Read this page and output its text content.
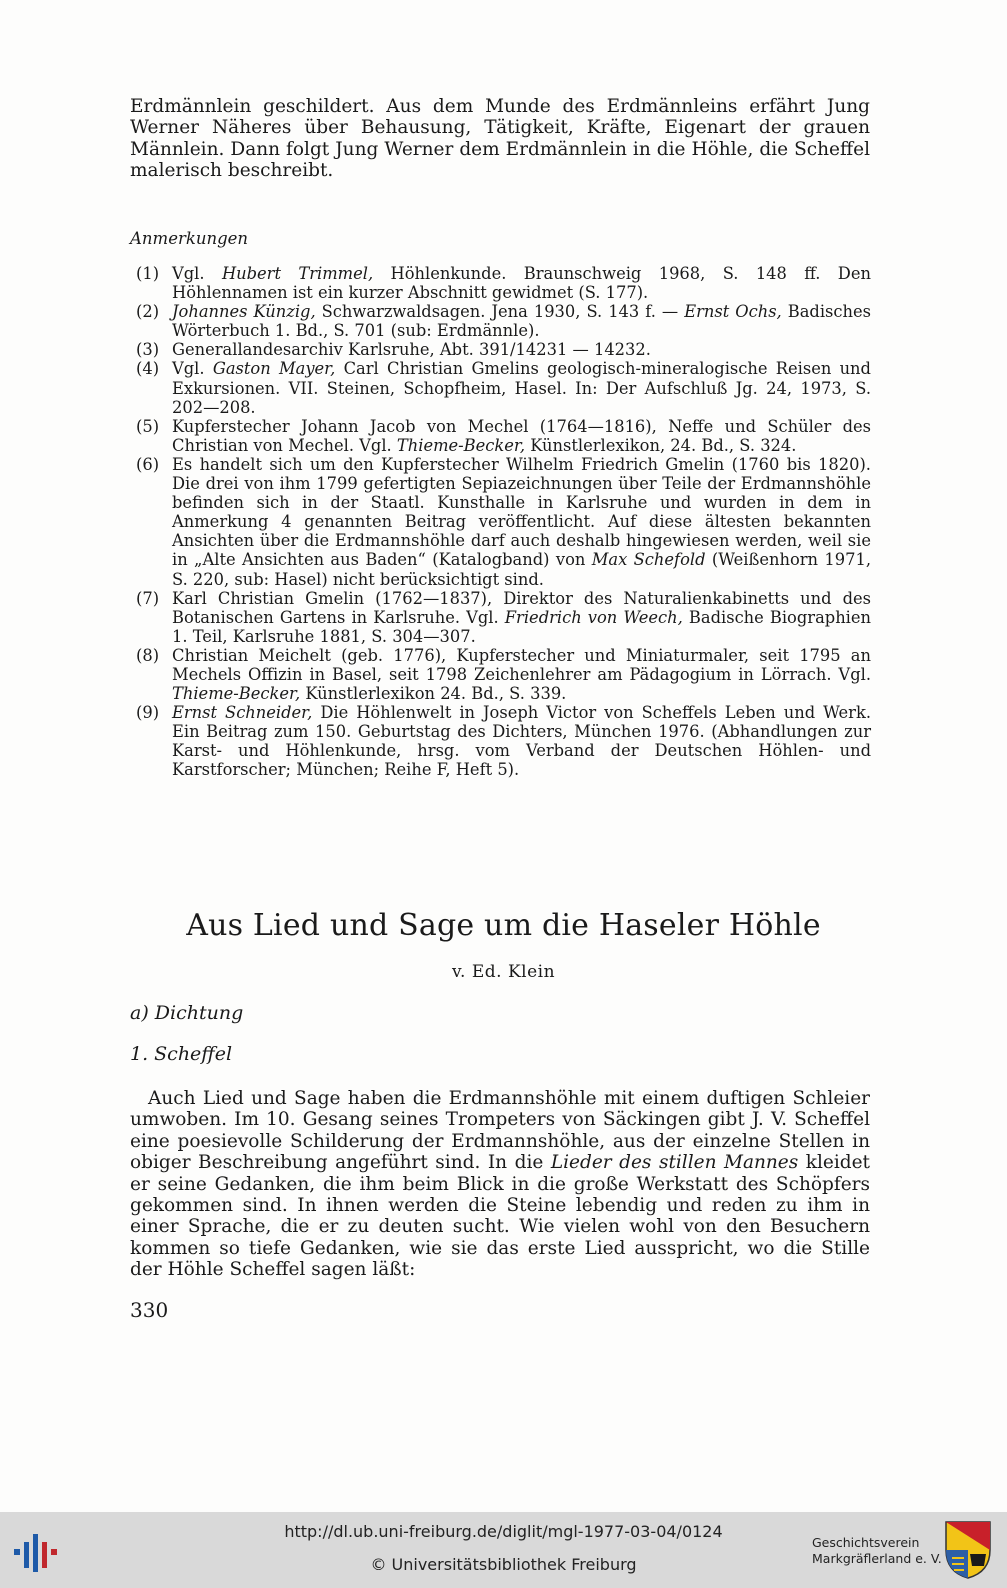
Erdmännlein geschildert. Aus dem Munde des Erdmännleins erfährt Jung Werner Näheres über Behausung, Tätigkeit, Kräfte, Eigenart der grauen Männlein. Dann folgt Jung Werner dem Erdmännlein in die Höhle, die Scheffel malerisch beschreibt.

Anmerkungen
(1) Vgl. Hubert Trimmel, Höhlenkunde. Braunschweig 1968, S. 148 ff. Den Höhlennamen ist ein kurzer Abschnitt gewidmet (S. 177).
(2) Johannes Künzig, Schwarzwaldsagen. Jena 1930, S. 143 f. — Ernst Ochs, Badisches Wörterbuch 1. Bd., S. 701 (sub: Erdmännle).
(3) Generallandesarchiv Karlsruhe, Abt. 391/14231 — 14232.
(4) Vgl. Gaston Mayer, Carl Christian Gmelins geologisch-mineralogische Reisen und Exkursionen. VII. Steinen, Schopfheim, Hasel. In: Der Aufschluß Jg. 24, 1973, S. 202—208.
(5) Kupferstecher Johann Jacob von Mechel (1764—1816), Neffe und Schüler des Christian von Mechel. Vgl. Thieme-Becker, Künstlerlexikon, 24. Bd., S. 324.
(6) Es handelt sich um den Kupferstecher Wilhelm Friedrich Gmelin (1760 bis 1820). Die drei von ihm 1799 gefertigten Sepiazeichnungen über Teile der Erdmannshöhle befinden sich in der Staatl. Kunsthalle in Karlsruhe und wurden in dem in Anmerkung 4 genannten Beitrag veröffentlicht. Auf diese ältesten bekannten Ansichten über die Erdmannshöhle darf auch deshalb hingewiesen werden, weil sie in „Alte Ansichten aus Baden“ (Katalogband) von Max Schefold (Weißenhorn 1971, S. 220, sub: Hasel) nicht berücksichtigt sind.
(7) Karl Christian Gmelin (1762—1837), Direktor des Naturalienkabinetts und des Botanischen Gartens in Karlsruhe. Vgl. Friedrich von Weech, Badische Biographien 1. Teil, Karlsruhe 1881, S. 304—307.
(8) Christian Meichelt (geb. 1776), Kupferstecher und Miniaturmaler, seit 1795 an Mechels Offizin in Basel, seit 1798 Zeichenlehrer am Pädagogium in Lörrach. Vgl. Thieme-Becker, Künstlerlexikon 24. Bd., S. 339.
(9) Ernst Schneider, Die Höhlenwelt in Joseph Victor von Scheffels Leben und Werk. Ein Beitrag zum 150. Geburtstag des Dichters, München 1976. (Abhandlungen zur Karst- und Höhlenkunde, hrsg. vom Verband der Deutschen Höhlen- und Karstforscher; München; Reihe F, Heft 5).
Aus Lied und Sage um die Haseler Höhle
v. Ed. Klein
a) Dichtung
1. Scheffel

Auch Lied und Sage haben die Erdmannshöhle mit einem duftigen Schleier umwoben. Im 10. Gesang seines Trompeters von Säckingen gibt J. V. Scheffel eine poesievolle Schilderung der Erdmannshöhle, aus der einzelne Stellen in obiger Beschreibung angeführt sind. In die Lieder des stillen Mannes kleidet er seine Gedanken, die ihm beim Blick in die große Werkstatt des Schöpfers gekommen sind. In ihnen werden die Steine lebendig und reden zu ihm in einer Sprache, die er zu deuten sucht. Wie vielen wohl von den Besuchern kommen so tiefe Gedanken, wie sie das erste Lied ausspricht, wo die Stille der Höhle Scheffel sagen läßt:

330
http://dl.ub.uni-freiburg.de/diglit/mgl-1977-03-04/0124
© Universitätsbibliothek Freiburg
Geschichtsverein
Markgräflerland e. V.
